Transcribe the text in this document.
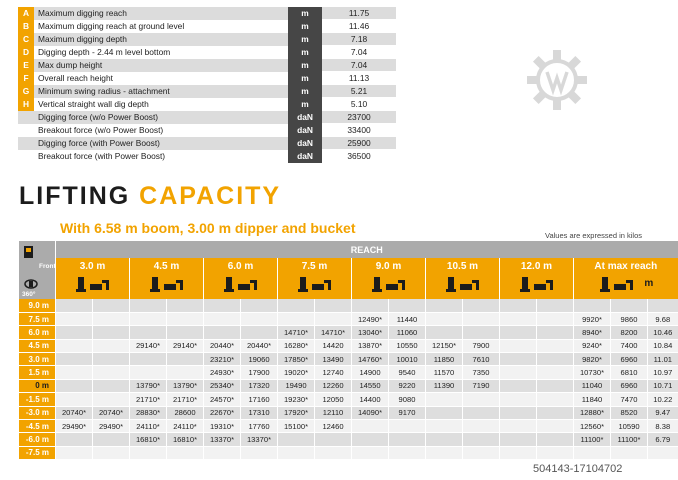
A	Maximum digging reach	m	11.75
B	Maximum digging reach at ground level	m	11.46
C	Maximum digging depth	m	7.18
D	Digging depth - 2.44 m level bottom	m	7.04
E	Max dump height	m	7.04
F	Overall reach height	m	11.13
G	Minimum swing radius - attachment	m	5.21
H	Vertical straight wall dig depth	m	5.10
Digging force (w/o Power Boost)		daN	23700
Breakout force (w/o Power Boost)		daN	33400
Digging force (with Power Boost)		daN	25900
Breakout force (with Power Boost)		daN	36500
LIFTING CAPACITY
With 6.58 m boom, 3.00 m dipper and bucket	Values are expressed in kilos
Front
360°	REACH																

	3.0 m		4.5 m		6.0 m		7.5 m		9.0 m		10.5 m		12.0 m		At max reach
m		
9.0 m																	
7.5 m									12490*	11440					9920*	9860	9.68
6.0 m							14710*	14710*	13040*	11060					8940*	8200	10.46
4.5 m			29140*	29140*	20440*	20440*	16280*	14420	13870*	10550	12150*	7900			9240*	7400	10.84
3.0 m					23210*	19060	17850*	13490	14760*	10010	11850	7610			9820*	6960	11.01
1.5 m					24930*	17900	19020*	12740	14900	9540	11570	7350			10730*	6810	10.97
0 m			13790*	13790*	25340*	17320	19490	12260	14550	9220	11390	7190			11040	6960	10.71
-1.5 m			21710*	21710*	24570*	17160	19230*	12050	14400	9080					11840	7470	10.22
-3.0 m	20740*	20740*	28830*	28600	22670*	17310	17920*	12110	14090*	9170					12880*	8520	9.47
-4.5 m	29490*	29490*	24110*	24110*	19310*	17760	15100*	12460							12560*	10590	8.38
-6.0 m			16810*	16810*	13370*	13370*									11100*	11100*	6.79
-7.5 m																	
504143-17104702
